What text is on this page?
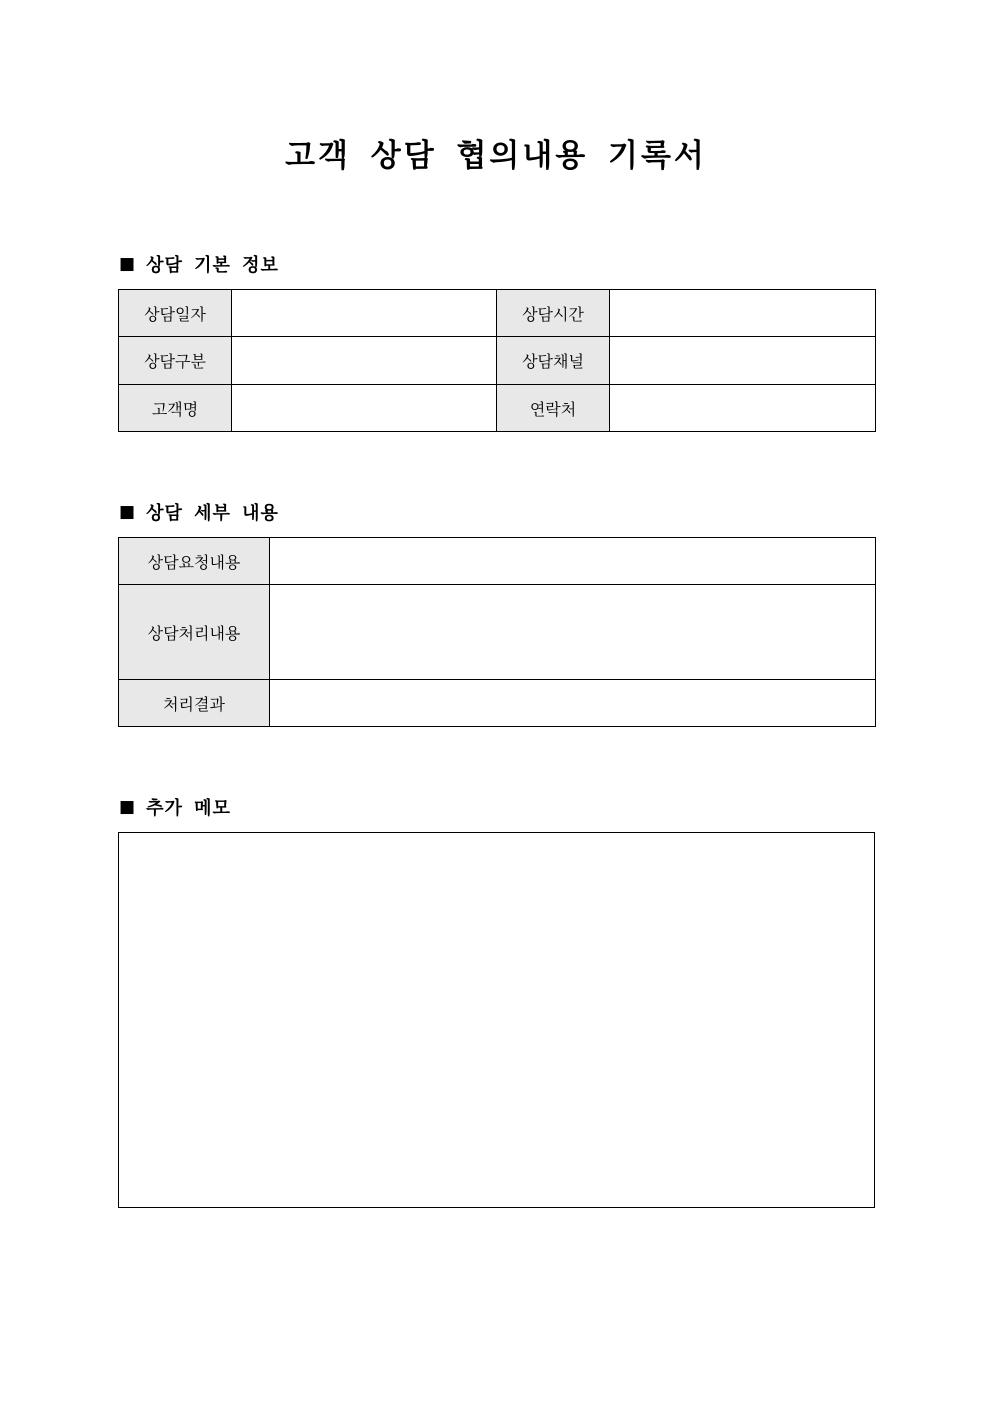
고객 상담 협의내용 기록서
■ 상담 기본 정보
상담일자		상담시간	
상담구분		상담채널	
고객명		연락처	
■ 상담 세부 내용
상담요청내용	
상담처리내용	
처리결과	
■ 추가 메모
